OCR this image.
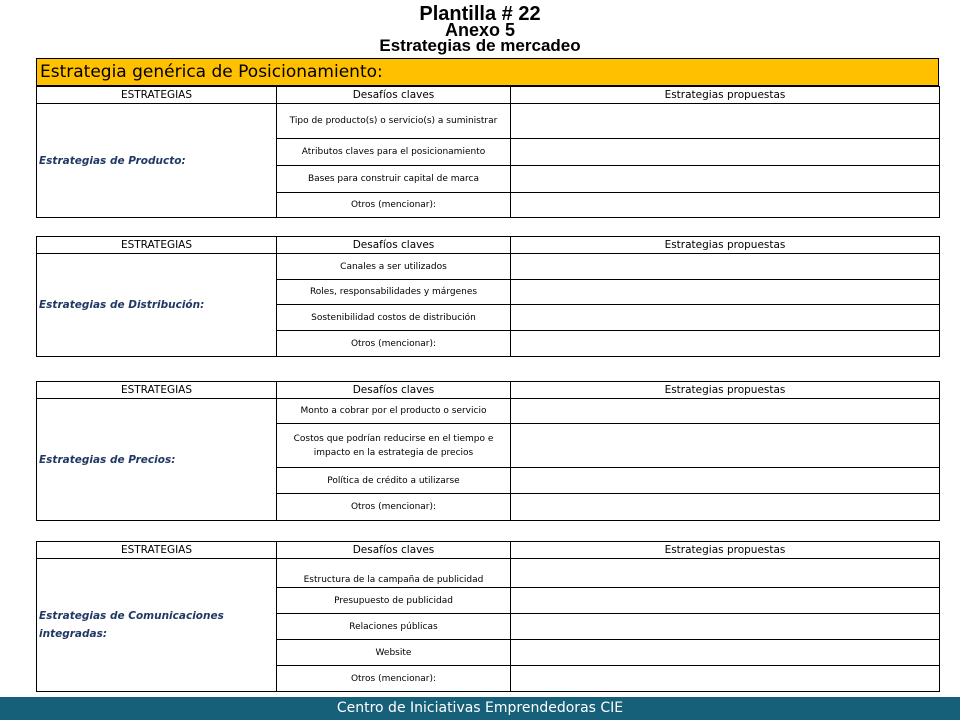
Plantilla # 22
Anexo 5
Estrategias de mercadeo
Estrategia genérica de Posicionamiento:
ESTRATEGIAS	Desafíos claves	Estrategias propuestas
Estrategias de Producto:	Tipo de producto(s) o servicio(s) a suministrar	
	Atributos claves para el posicionamiento	
	Bases para construir capital de marca	
	Otros (mencionar):	
ESTRATEGIAS	Desafíos claves	Estrategias propuestas
Estrategias de Distribución:	Canales a ser utilizados	
	Roles, responsabilidades y márgenes	
	Sostenibilidad costos de distribución	
	Otros (mencionar):	
ESTRATEGIAS	Desafíos claves	Estrategias propuestas
Estrategias de Precios:	Monto a cobrar por el producto o servicio	
	Costos que podrían reducirse en el tiempo e impacto en la estrategia de precios	
	Política de crédito a utilizarse	
	Otros (mencionar):	
ESTRATEGIAS	Desafíos claves	Estrategias propuestas
Estrategias de Comunicaciones integradas:	Estructura de la campaña de publicidad	
	Presupuesto de publicidad	
	Relaciones públicas	
	Website	
	Otros (mencionar):	
Centro de Iniciativas Emprendedoras CIE
